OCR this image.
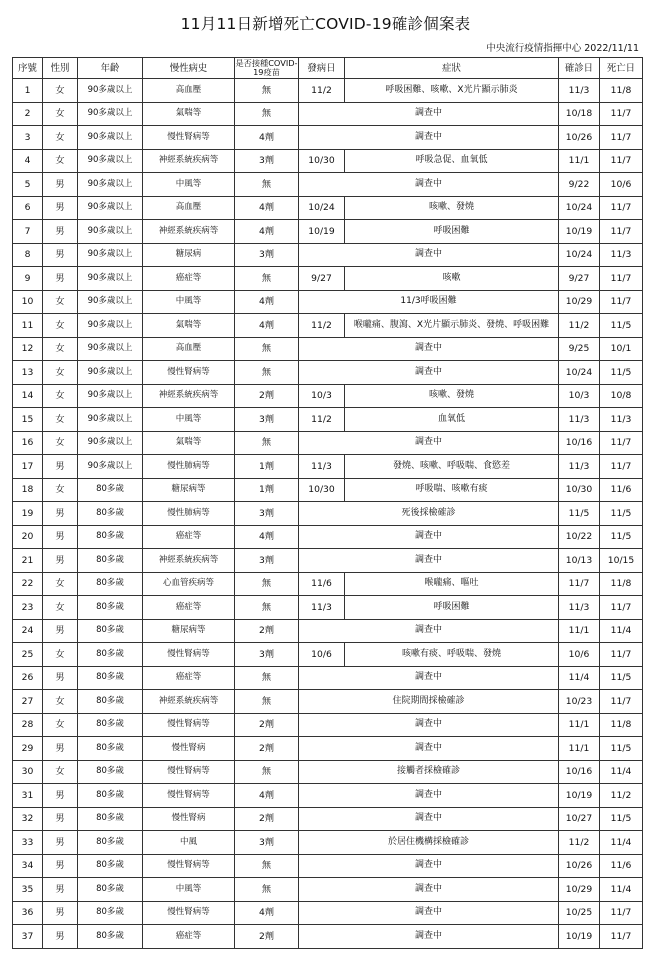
11月11日新增死亡COVID-19確診個案表
中央流行疫情指揮中心 2022/11/11
序號	性別	年齡	慢性病史	是否接種COVID-19疫苗	發病日	症狀	確診日	死亡日
1	女	90多歲以上	高血壓	無	11/2	呼吸困難、咳嗽、X光片顯示肺炎	11/3	11/8
2	女	90多歲以上	氣喘等	無	調查中		10/18	11/7
3	女	90多歲以上	慢性腎病等	4劑	調查中		10/26	11/7
4	女	90多歲以上	神經系統疾病等	3劑	10/30	呼吸急促、血氧低	11/1	11/7
5	男	90多歲以上	中風等	無	調查中		9/22	10/6
6	男	90多歲以上	高血壓	4劑	10/24	咳嗽、發燒	10/24	11/7
7	男	90多歲以上	神經系統疾病等	4劑	10/19	呼吸困難	10/19	11/7
8	男	90多歲以上	糖尿病	3劑	調查中		10/24	11/3
9	男	90多歲以上	癌症等	無	9/27	咳嗽	9/27	11/7
10	女	90多歲以上	中風等	4劑	11/3呼吸困難		10/29	11/7
11	女	90多歲以上	氣喘等	4劑	11/2	喉嚨痛、腹瀉、X光片顯示肺炎、發燒、呼吸困難	11/2	11/5
12	女	90多歲以上	高血壓	無	調查中		9/25	10/1
13	女	90多歲以上	慢性腎病等	無	調查中		10/24	11/5
14	女	90多歲以上	神經系統疾病等	2劑	10/3	咳嗽、發燒	10/3	10/8
15	女	90多歲以上	中風等	3劑	11/2	血氧低	11/3	11/3
16	女	90多歲以上	氣喘等	無	調查中		10/16	11/7
17	男	90多歲以上	慢性肺病等	1劑	11/3	發燒、咳嗽、呼吸喘、食慾差	11/3	11/7
18	女	80多歲	糖尿病等	1劑	10/30	呼吸喘、咳嗽有痰	10/30	11/6
19	男	80多歲	慢性肺病等	3劑	死後採檢確診		11/5	11/5
20	男	80多歲	癌症等	4劑	調查中		10/22	11/5
21	男	80多歲	神經系統疾病等	3劑	調查中		10/13	10/15
22	女	80多歲	心血管疾病等	無	11/6	喉嚨痛、嘔吐	11/7	11/8
23	女	80多歲	癌症等	無	11/3	呼吸困難	11/3	11/7
24	男	80多歲	糖尿病等	2劑	調查中		11/1	11/4
25	女	80多歲	慢性腎病等	3劑	10/6	咳嗽有痰、呼吸喘、發燒	10/6	11/7
26	男	80多歲	癌症等	無	調查中		11/4	11/5
27	女	80多歲	神經系統疾病等	無	住院期間採檢確診		10/23	11/7
28	女	80多歲	慢性腎病等	2劑	調查中		11/1	11/8
29	男	80多歲	慢性腎病	2劑	調查中		11/1	11/5
30	女	80多歲	慢性腎病等	無	接觸者採檢確診		10/16	11/4
31	男	80多歲	慢性腎病等	4劑	調查中		10/19	11/2
32	男	80多歲	慢性腎病	2劑	調查中		10/27	11/5
33	男	80多歲	中風	3劑	於居住機構採檢確診		11/2	11/4
34	男	80多歲	慢性腎病等	無	調查中		10/26	11/6
35	男	80多歲	中風等	無	調查中		10/29	11/4
36	男	80多歲	慢性腎病等	4劑	調查中		10/25	11/7
37	男	80多歲	癌症等	2劑	調查中		10/19	11/7
